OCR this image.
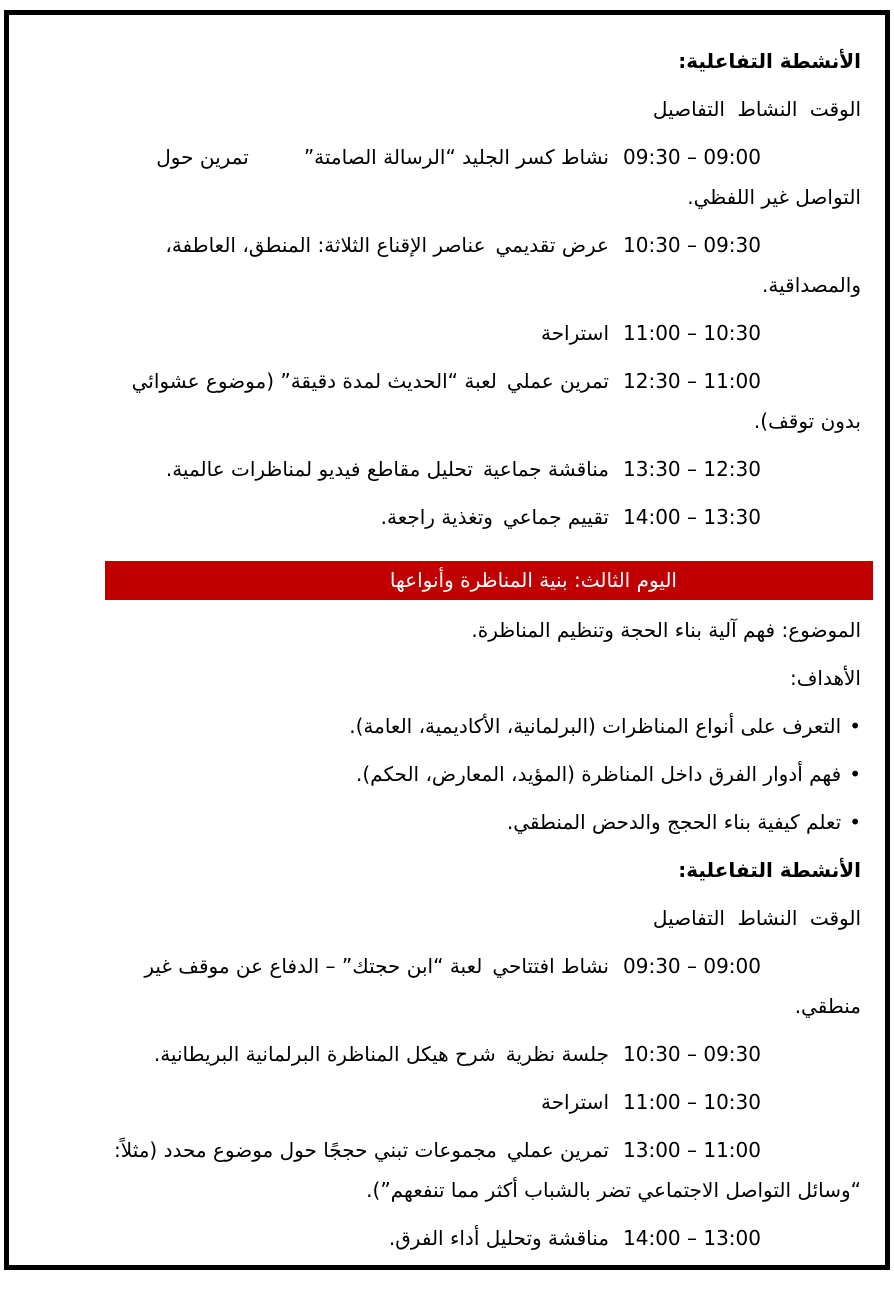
الأنشطة التفاعلية:
الوقت النشاط التفاصيل
09:00 – 09:30نشاط كسر الجليد “الرسالة الصامتة”تمرين حول التواصل غير اللفظي.
09:30 – 10:30عرض تقديميعناصر الإقناع الثلاثة: المنطق، العاطفة، والمصداقية.
10:30 – 11:00استراحة
11:00 – 12:30تمرين عمليلعبة “الحديث لمدة دقيقة” (موضوع عشوائي بدون توقف).
12:30 – 13:30مناقشة جماعيةتحليل مقاطع فيديو لمناظرات عالمية.
13:30 – 14:00تقييم جماعيوتغذية راجعة.
اليوم الثالث: بنية المناظرة وأنواعها
الموضوع: فهم آلية بناء الحجة وتنظيم المناظرة.
الأهداف:
•التعرف على أنواع المناظرات (البرلمانية، الأكاديمية، العامة).
•فهم أدوار الفرق داخل المناظرة (المؤيد، المعارض، الحكم).
•تعلم كيفية بناء الحجج والدحض المنطقي.
الأنشطة التفاعلية:
الوقت النشاط التفاصيل
09:00 – 09:30نشاط افتتاحيلعبة “ابن حجتك” – الدفاع عن موقف غير منطقي.
09:30 – 10:30جلسة نظريةشرح هيكل المناظرة البرلمانية البريطانية.
10:30 – 11:00استراحة
11:00 – 13:00تمرين عمليمجموعات تبني حججًا حول موضوع محدد (مثلاً: “وسائل التواصل الاجتماعي تضر بالشباب أكثر مما تنفعهم”).
13:00 – 14:00مناقشة وتحليل أداء الفرق.
